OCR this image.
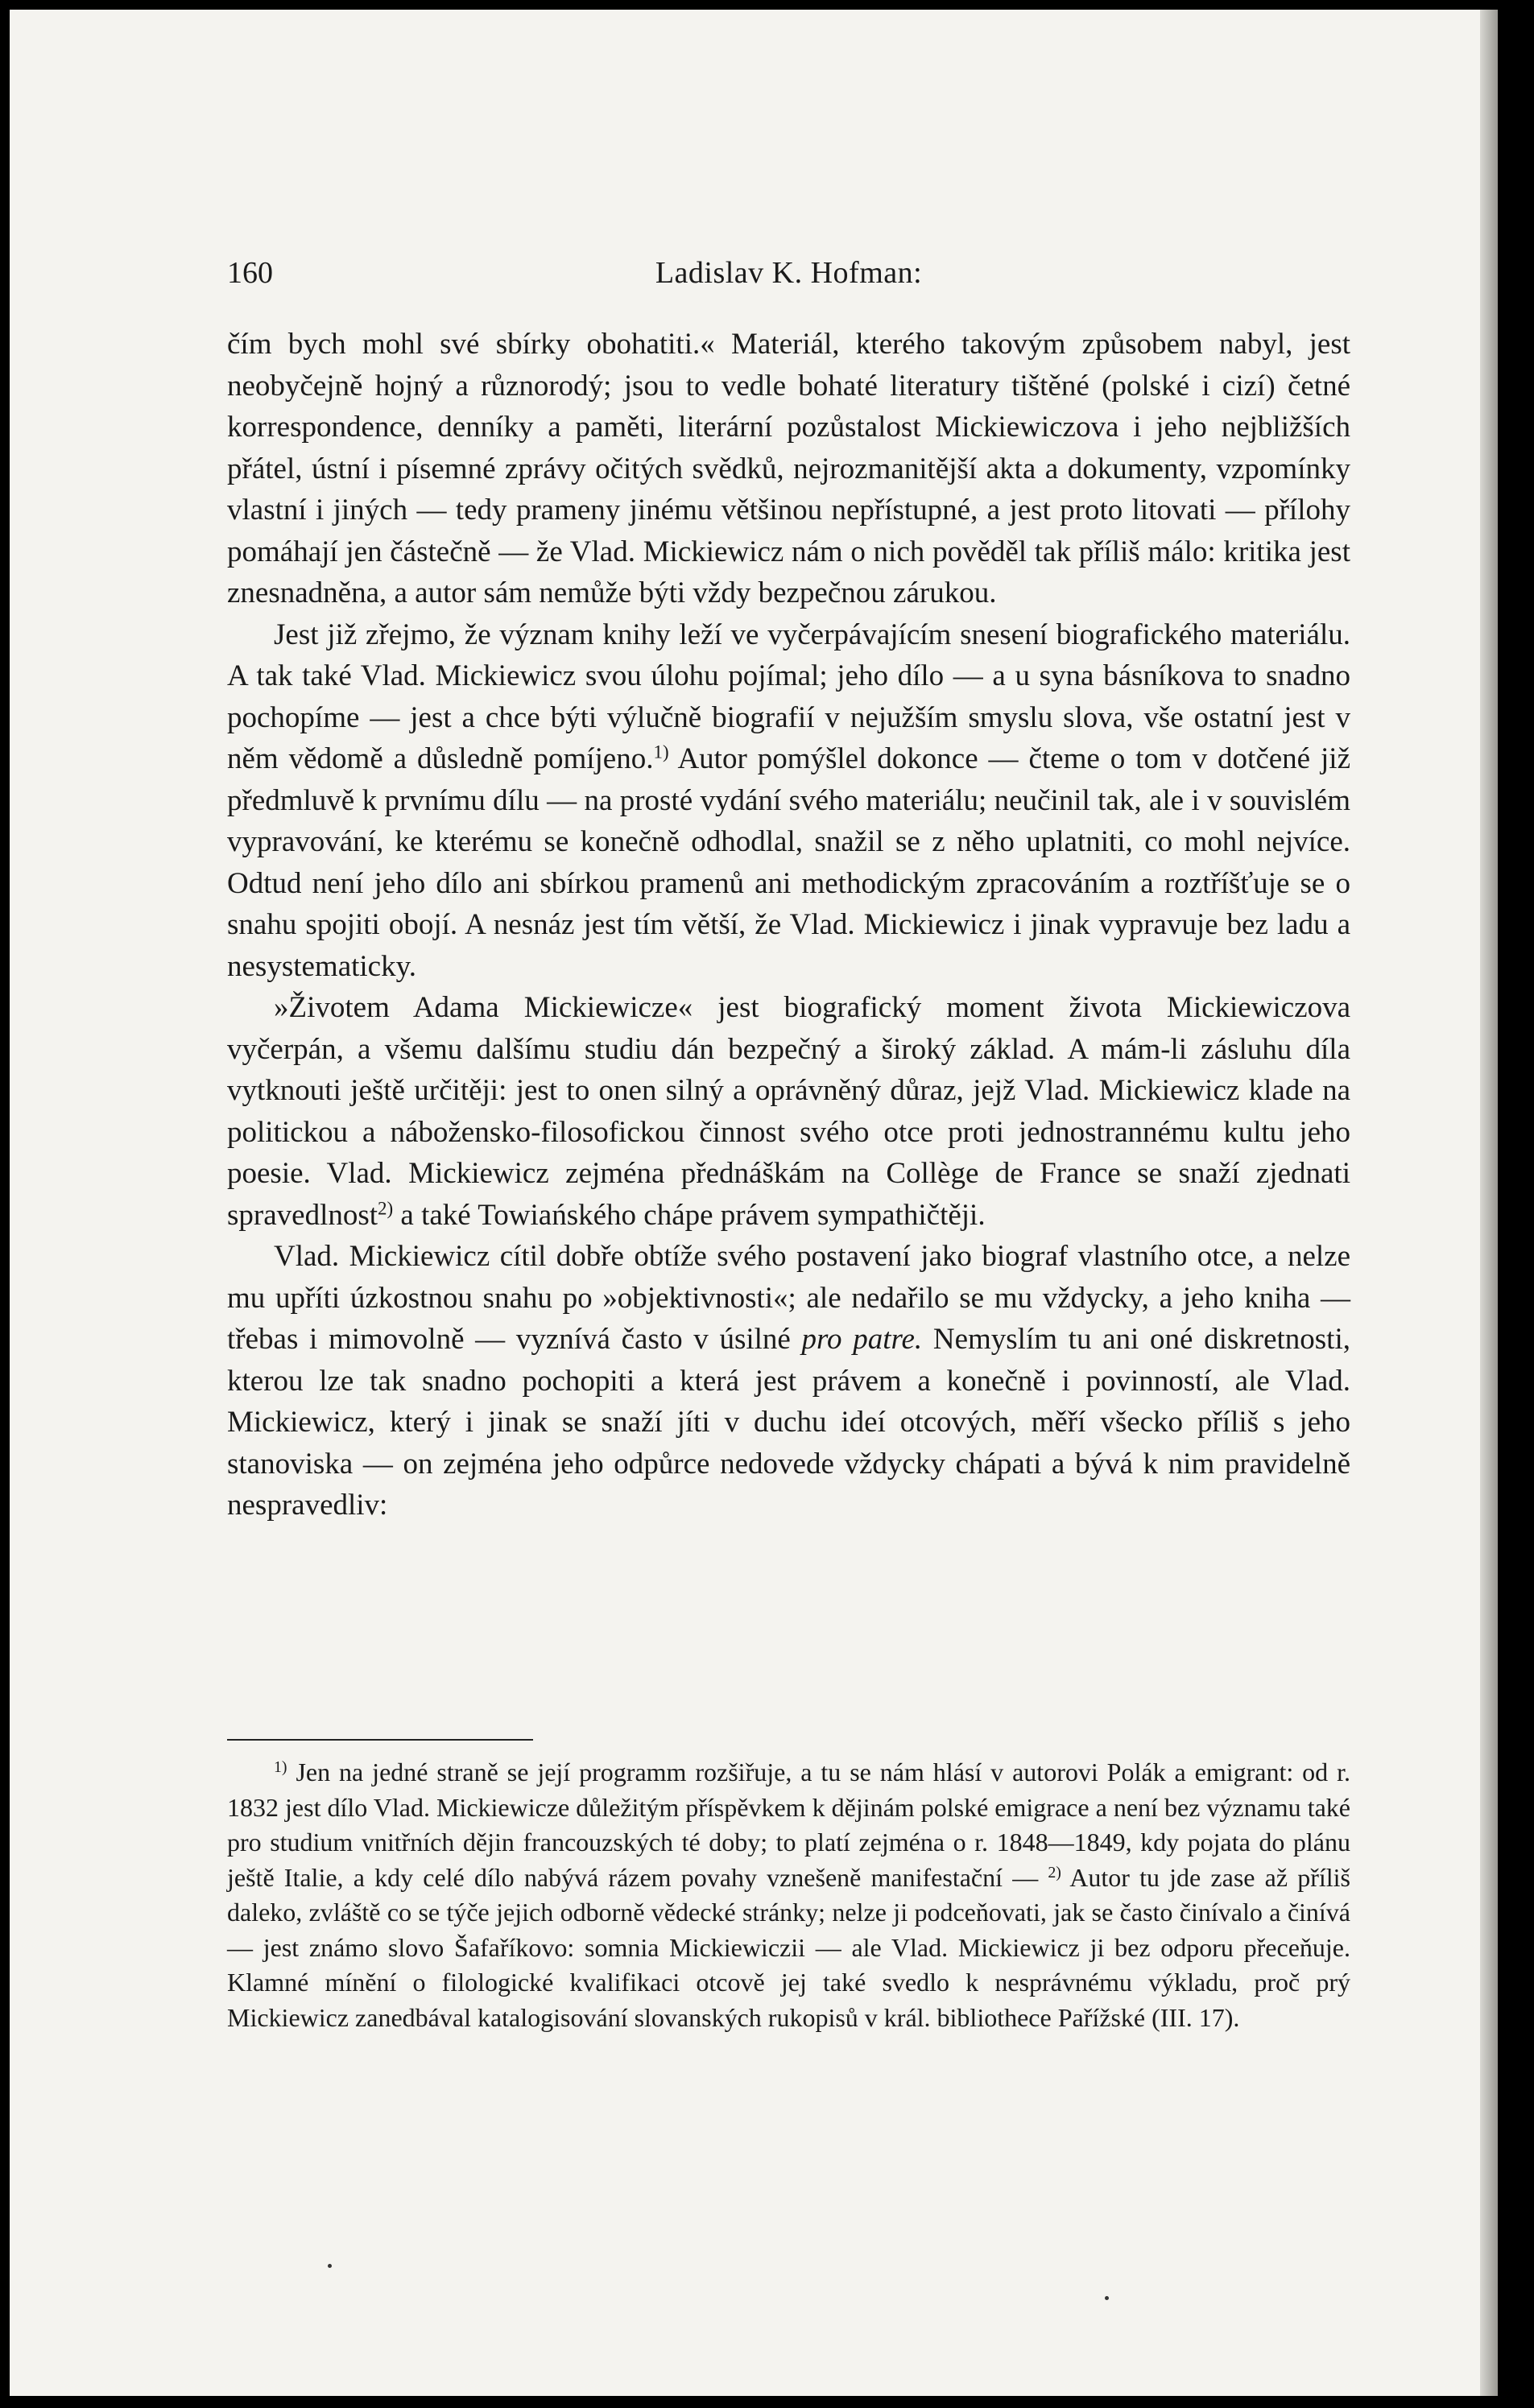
160	Ladislav K. Hofman:

čím bych mohl své sbírky obohatiti.« Materiál, kterého takovým způsobem nabyl, jest neobyčejně hojný a různorodý; jsou to vedle bohaté literatury tištěné (polské i cizí) četné korrespondence, denníky a paměti, literární pozůstalost Mickiewiczova i jeho nejbližších přátel, ústní i písemné zprávy očitých svědků, nejrozmanitější akta a dokumenty, vzpomínky vlastní i jiných — tedy prameny jinému většinou nepřístupné, a jest proto litovati — přílohy pomáhají jen částečně — že Vlad. Mickiewicz nám o nich pověděl tak příliš málo: kritika jest znesnadněna, a autor sám nemůže býti vždy bezpečnou zárukou.

Jest již zřejmo, že význam knihy leží ve vyčerpávajícím snesení biografického materiálu. A tak také Vlad. Mickiewicz svou úlohu pojímal; jeho dílo — a u syna básníkova to snadno pochopíme — jest a chce býti výlučně biografií v nejužším smyslu slova, vše ostatní jest v něm vědomě a důsledně pomíjeno.$^{1)}$ Autor pomýšlel dokonce — čteme o tom v dotčené již předmluvě k prvnímu dílu — na prosté vydání svého materiálu; neučinil tak, ale i v souvislém vypravování, ke kterému se konečně odhodlal, snažil se z něho uplatniti, co mohl nejvíce. Odtud není jeho dílo ani sbírkou pramenů ani methodickým zpracováním a roztříšťuje se o snahu spojiti obojí. A nesnáz jest tím větší, že Vlad. Mickiewicz i jinak vypravuje bez ladu a nesystematicky.

»Životem Adama Mickiewicze« jest biografický moment života Mickiewiczova vyčerpán, a všemu dalšímu studiu dán bezpečný a široký základ. A mám-li zásluhu díla vytknouti ještě určitěji: jest to onen silný a oprávněný důraz, jejž Vlad. Mickiewicz klade na politickou a nábožensko-filosofickou činnost svého otce proti jednostrannému kultu jeho poesie. Vlad. Mickiewicz zejména přednáškám na Collège de France se snaží zjednati spravedlnost$^{2)}$ a také Towiańského chápe právem sympathičtěji.

Vlad. Mickiewicz cítil dobře obtíže svého postavení jako biograf vlastního otce, a nelze mu upříti úzkostnou snahu po »objektivnosti«; ale nedařilo se mu vždycky, a jeho kniha — třebas i mimovolně — vyznívá často v úsilné pro patre. Nemyslím tu ani oné diskretnosti, kterou lze tak snadno pochopiti a která jest právem a konečně i povinností, ale Vlad. Mickiewicz, který i jinak se snaží jíti v duchu ideí otcových, měří všecko příliš s jeho stanoviska — on zejména jeho odpůrce nedovede vždycky chápati a bývá k nim pravidelně nespravedliv:

$^{1)}$ Jen na jedné straně se její programm rozšiřuje, a tu se nám hlásí v autorovi Polák a emigrant: od r. 1832 jest dílo Vlad. Mickiewicze důležitým příspěvkem k dějinám polské emigrace a není bez významu také pro studium vnitřních dějin francouzských té doby; to platí zejména o r. 1848—1849, kdy pojata do plánu ještě Italie, a kdy celé dílo nabývá rázem povahy vznešeně manifestační — $^{2)}$ Autor tu jde zase až příliš daleko, zvláště co se týče jejich odborně vědecké stránky; nelze ji podceňovati, jak se často činívalo a činívá — jest známo slovo Šafaříkovo: somnia Mickiewiczii — ale Vlad. Mickiewicz ji bez odporu přeceňuje. Klamné mínění o filologické kvalifikaci otcově jej také svedlo k nesprávnému výkladu, proč prý Mickiewicz zanedbával katalogisování slovanských rukopisů v král. bibliothece Pařížské (III. 17).
